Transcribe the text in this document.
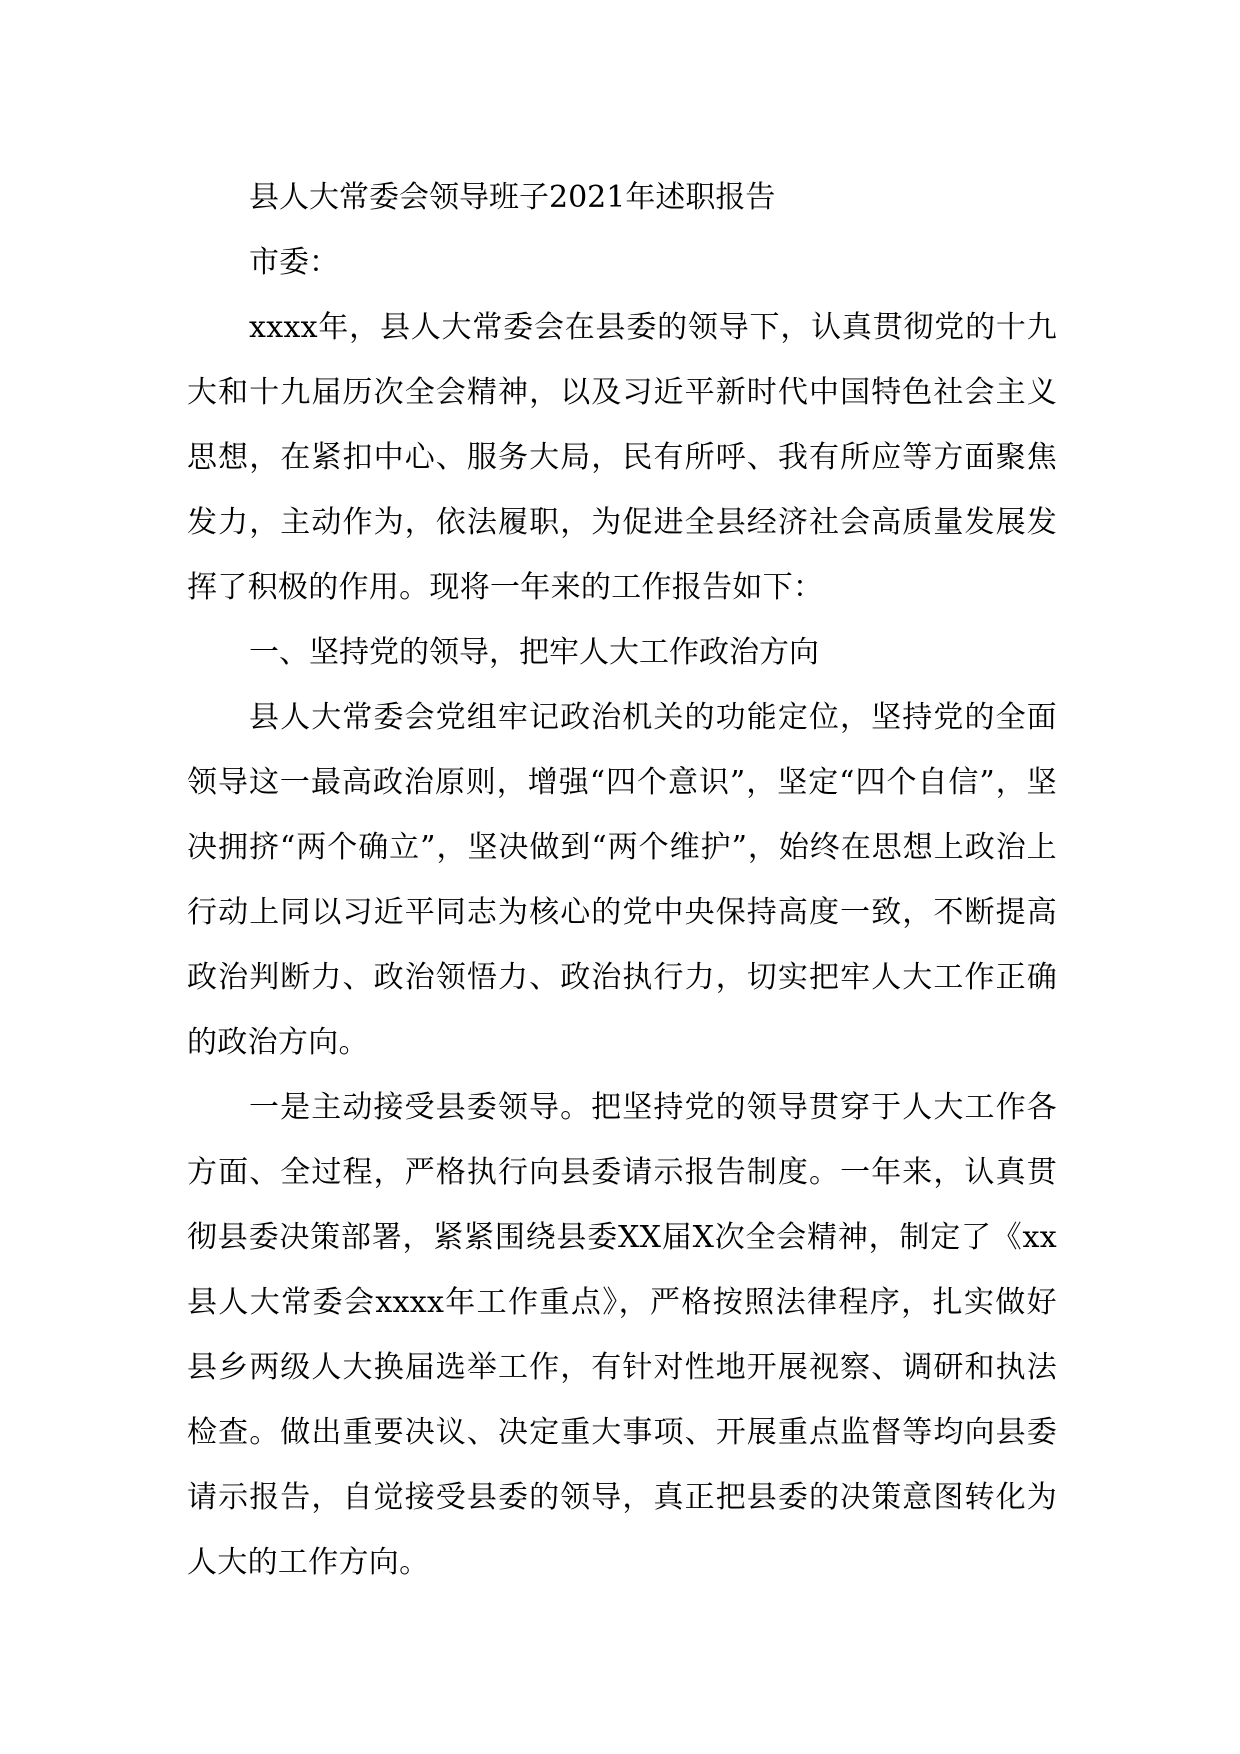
县人大常委会领导班子2021年述职报告

市委：

xxxx年，县人大常委会在县委的领导下，认真贯彻党的十九大和十九届历次全会精神，以及习近平新时代中国特色社会主义思想，在紧扣中心、服务大局，民有所呼、我有所应等方面聚焦发力，主动作为，依法履职，为促进全县经济社会高质量发展发挥了积极的作用。现将一年来的工作报告如下：

一、坚持党的领导，把牢人大工作政治方向

县人大常委会党组牢记政治机关的功能定位，坚持党的全面领导这一最高政治原则，增强“四个意识”，坚定“四个自信”，坚决拥挤“两个确立”，坚决做到“两个维护”，始终在思想上政治上行动上同以习近平同志为核心的党中央保持高度一致，不断提高政治判断力、政治领悟力、政治执行力，切实把牢人大工作正确的政治方向。

一是主动接受县委领导。把坚持党的领导贯穿于人大工作各方面、全过程，严格执行向县委请示报告制度。一年来，认真贯彻县委决策部署，紧紧围绕县委XX届X次全会精神，制定了《xx县人大常委会xxxx年工作重点》，严格按照法律程序，扎实做好县乡两级人大换届选举工作，有针对性地开展视察、调研和执法检查。做出重要决议、决定重大事项、开展重点监督等均向县委请示报告，自觉接受县委的领导，真正把县委的决策意图转化为人大的工作方向。
